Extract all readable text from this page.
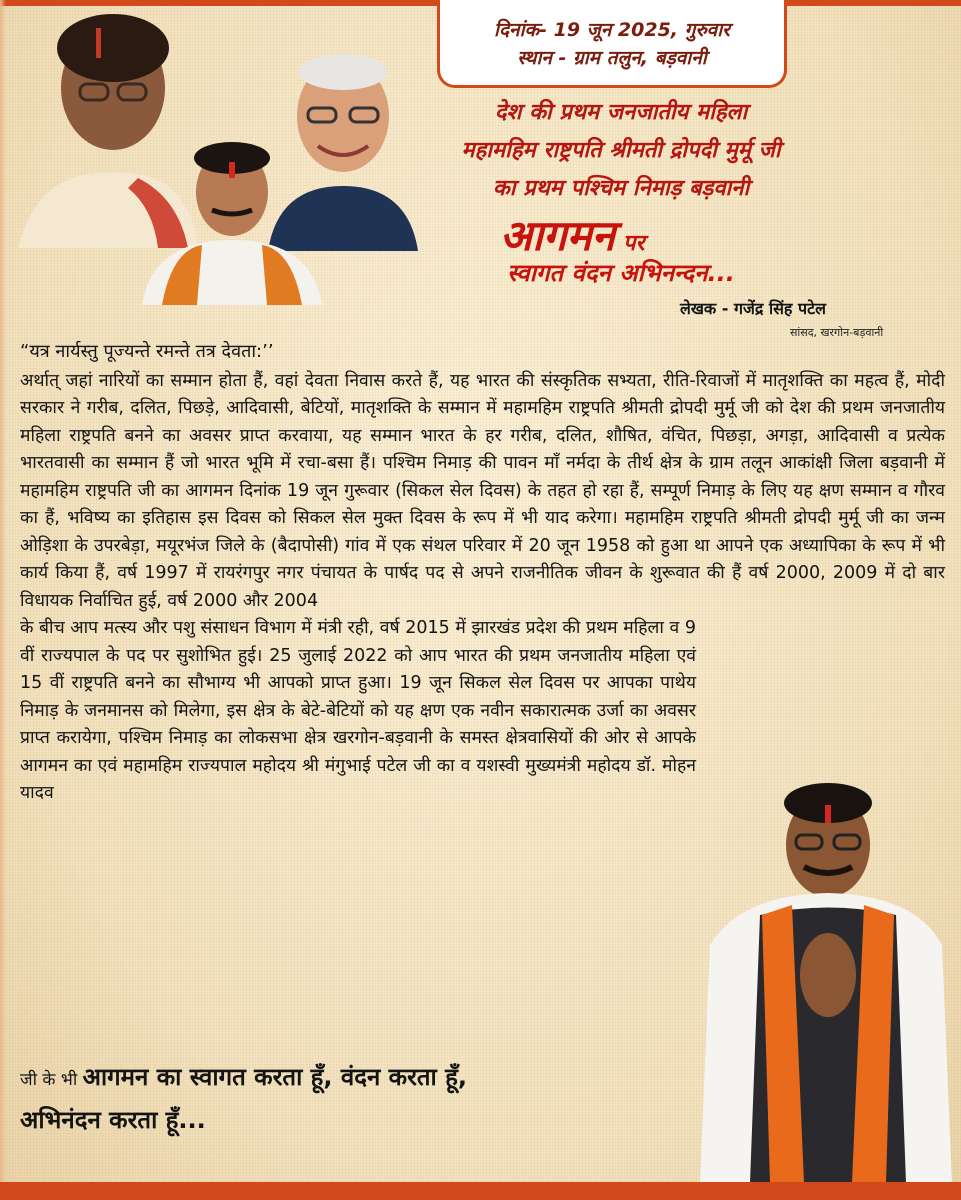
दिनांक- 19 जून 2025, गुरुवार
स्थान - ग्राम तलुन, बड़वानी
देश की प्रथम जनजातीय महिला
महामहिम राष्ट्रपति श्रीमती द्रोपदी मुर्मू जी
का प्रथम पश्चिम निमाड़ बड़वानी
आगमन पर
स्वागत वंदन अभिनन्दन...
लेखक - गजेंद्र सिंह पटेल
सांसद, खरगोन-बड़वानी
“यत्र नार्यस्तु पूज्यन्ते रमन्ते तत्र देवता:’’
अर्थात् जहां नारियों का सम्मान होता हैं, वहां देवता निवास करते हैं, यह भारत की संस्कृतिक सभ्यता, रीति-रिवाजों में मातृशक्ति का महत्व हैं, मोदी सरकार ने गरीब, दलित, पिछड़े, आदिवासी, बेटियों, मातृशक्ति के सम्मान में महामहिम राष्ट्रपति श्रीमती द्रोपदी मुर्मू जी को देश की प्रथम जनजातीय महिला राष्ट्रपति बनने का अवसर प्राप्त करवाया, यह सम्मान भारत के हर गरीब, दलित, शौषित, वंचित, पिछड़ा, अगड़ा, आदिवासी व प्रत्येक भारतवासी का सम्मान हैं जो भारत भूमि में रचा-बसा हैं। पश्चिम निमाड़ की पावन माँ नर्मदा के तीर्थ क्षेत्र के ग्राम तलून आकांक्षी जिला बड़वानी में महामहिम राष्ट्रपति जी का आगमन दिनांक 19 जून गुरूवार (सिकल सेल दिवस) के तहत हो रहा हैं, सम्पूर्ण निमाड़ के लिए यह क्षण सम्मान व गौरव का हैं, भविष्य का इतिहास इस दिवस को सिकल सेल मुक्त दिवस के रूप में भी याद करेगा। महामहिम राष्ट्रपति श्रीमती द्रोपदी मुर्मू जी का जन्म ओड़िशा के उपरबेड़ा, मयूरभंज जिले के (बैदापोसी) गांव में एक संथल परिवार में 20 जून 1958 को हुआ था आपने एक अध्यापिका के रूप में भी कार्य किया हैं, वर्ष 1997 में रायरंगपुर नगर पंचायत के पार्षद पद से अपने राजनीतिक जीवन के शुरूवात की हैं वर्ष 2000, 2009 में दो बार विधायक निर्वाचित हुई, वर्ष 2000 और 2004
के बीच आप मत्स्य और पशु संसाधन विभाग में मंत्री रही, वर्ष 2015 में झारखंड प्रदेश की प्रथम महिला व 9 वीं राज्यपाल के पद पर सुशोभित हुई। 25 जुलाई 2022 को आप भारत की प्रथम जनजातीय महिला एवं 15 वीं राष्ट्रपति बनने का सौभाग्य भी आपको प्राप्त हुआ। 19 जून सिकल सेल दिवस पर आपका पाथेय निमाड़ के जनमानस को मिलेगा, इस क्षेत्र के बेटे-बेटियों को यह क्षण एक नवीन सकारात्मक उर्जा का अवसर प्राप्त करायेगा, पश्चिम निमाड़ का लोकसभा क्षेत्र खरगोन-बड़वानी के समस्त क्षेत्रवासियों की ओर से आपके आगमन का एवं महामहिम राज्यपाल महोदय श्री मंगुभाई पटेल जी का व यशस्वी मुख्यमंत्री महोदय डॉ. मोहन यादव
जी के भी आगमन का स्वागत करता हूँ, वंदन करता हूँ,
अभिनंदन करता हूँ...
